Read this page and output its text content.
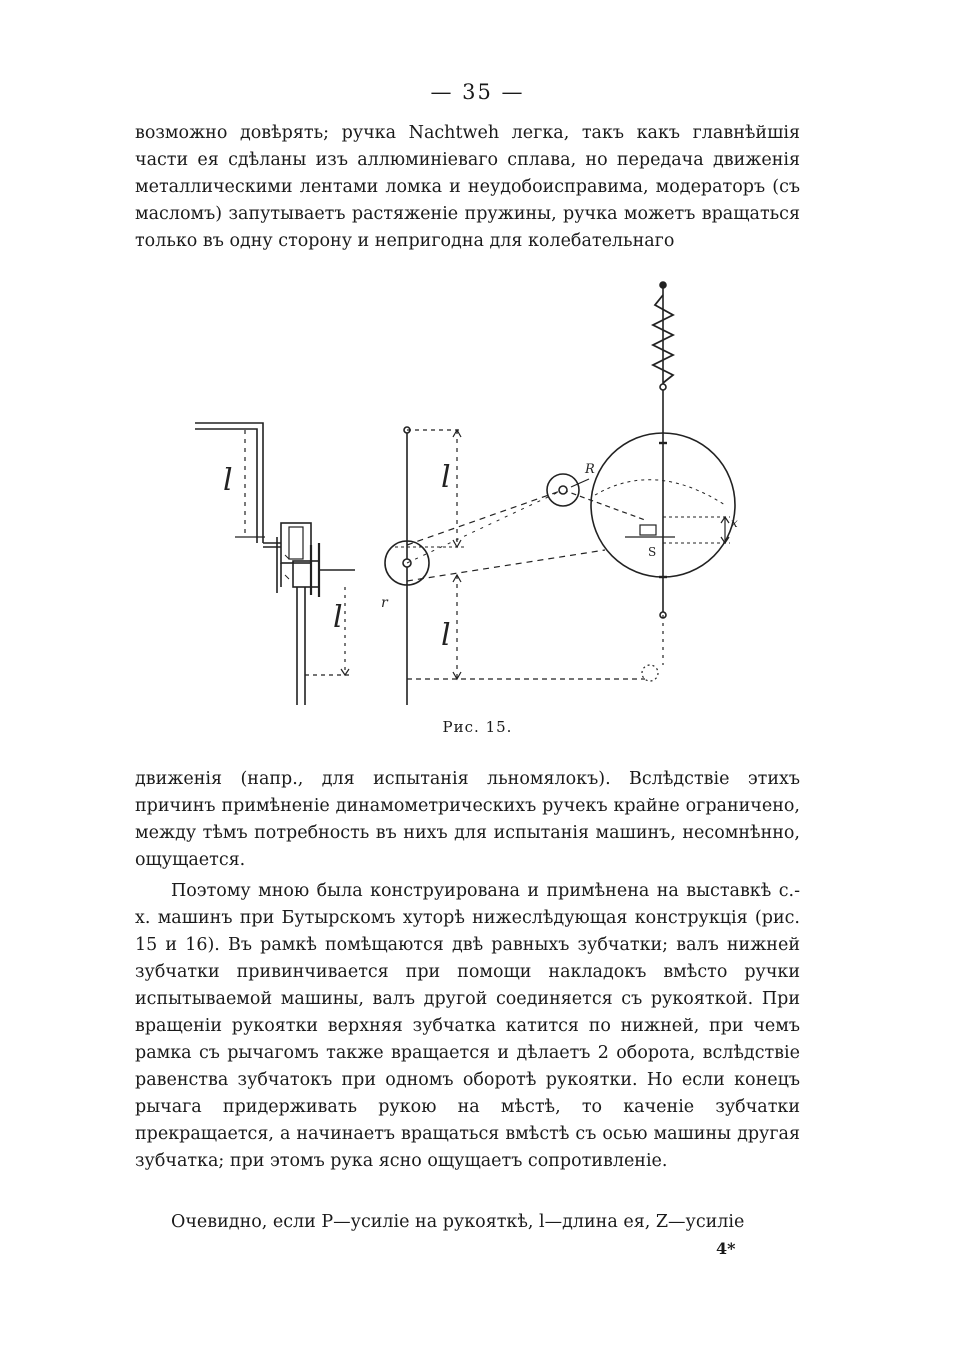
— 35 —

возможно довѣрять; ручка Nachtweh легка, такъ какъ главнѣйшія части ея сдѣланы изъ аллюминіеваго сплава, но передача движенія металлическими лентами ломка и неудобоисправима, модераторъ (съ масломъ) запутываетъ растяженіе пружины, ручка можетъ вращаться только въ одну сторону и непригодна для колебательнаго

l	l
l
l	r
R
S
x
Рис. 15.

движенія (напр., для испытанія льномялокъ). Вслѣдствіе этихъ причинъ примѣненіе динамометрическихъ ручекъ крайне ограничено, между тѣмъ потребность въ нихъ для испытанія машинъ, несомнѣнно, ощущается.

Поэтому мною была конструирована и примѣнена на выставкѣ с.-х. машинъ при Бутырскомъ хуторѣ нижеслѣдующая конструкція (рис. 15 и 16). Въ рамкѣ помѣщаются двѣ равныхъ зубчатки; валъ нижней зубчатки привинчивается при помощи накладокъ вмѣсто ручки испытываемой машины, валъ другой соединяется съ рукояткой. При вращеніи рукоятки верхняя зубчатка катится по нижней, при чемъ рамка съ рычагомъ также вращается и дѣлаетъ 2 оборота, вслѣдствіе равенства зубчатокъ при одномъ оборотѣ рукоятки. Но если конецъ рычага придерживать рукою на мѣстѣ, то каченіе зубчатки прекращается, а начинаетъ вращаться вмѣстѣ съ осью машины другая зубчатка; при этомъ рука ясно ощущаетъ сопротивленіе.

Очевидно, если P—усиліе на рукояткѣ, l—длина ея, Z—усиліе

4*
